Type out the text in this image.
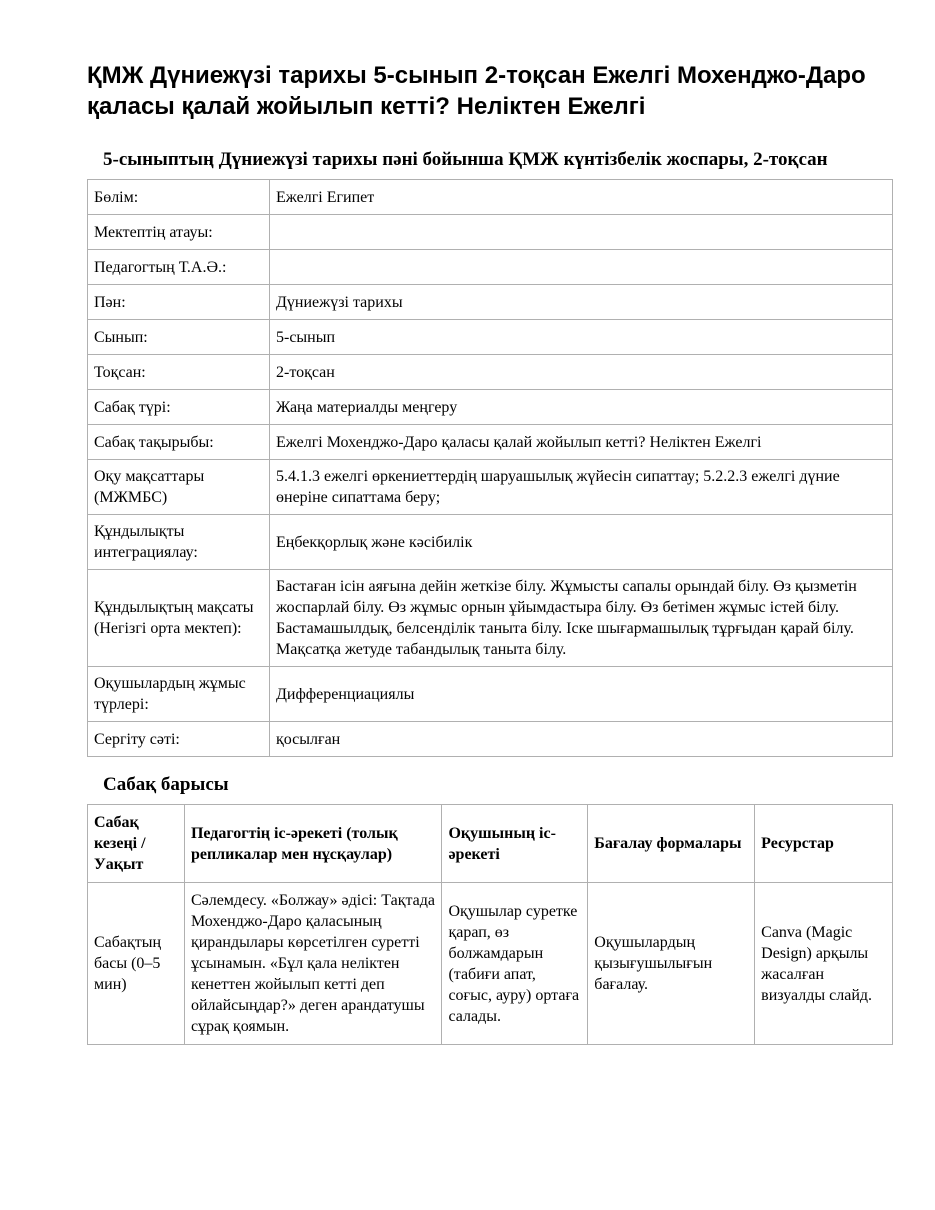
ҚМЖ Дүниежүзі тарихы 5-сынып 2-тоқсан Ежелгі Мохенджо-Даро қаласы қалай жойылып кетті? Неліктен Ежелгі
5-сыныптың Дүниежүзі тарихы пәні бойынша ҚМЖ күнтізбелік жоспары, 2-тоқсан
Бөлім:	Ежелгі Египет
Мектептің атауы:	
Педагогтың Т.А.Ә.:	
Пән:	Дүниежүзі тарихы
Сынып:	5-сынып
Тоқсан:	2-тоқсан
Сабақ түрі:	Жаңа материалды меңгеру
Сабақ тақырыбы:	Ежелгі Мохенджо-Даро қаласы қалай жойылып кетті? Неліктен Ежелгі
Оқу мақсаттары (МЖМБС)	5.4.1.3 ежелгі өркениеттердің шаруашылық жүйесін сипаттау; 5.2.2.3 ежелгі дүние өнеріне сипаттама беру;
Құндылықты интеграциялау:	Еңбекқорлық және кәсібилік
Құндылықтың мақсаты (Негізгі орта мектеп):	Бастаған ісін аяғына дейін жеткізе білу. Жұмысты сапалы орындай білу. Өз қызметін жоспарлай білу. Өз жұмыс орнын ұйымдастыра білу. Өз бетімен жұмыс істей білу. Бастамашылдық, белсенділік таныта білу. Іске шығармашылық тұрғыдан қарай білу. Мақсатқа жетуде табандылық таныта білу.
Оқушылардың жұмыс түрлері:	Дифференциациялы
Сергіту сәті:	қосылған
Сабақ барысы
Сабақ кезеңі / Уақыт	Педагогтің іс-әрекеті (толық репликалар мен нұсқаулар)	Оқушының іс-әрекеті	Бағалау формалары	Ресурстар
Сабақтың басы (0–5 мин)	Сәлемдесу. «Болжау» әдісі: Тақтада Мохенджо-Даро қаласының қирандылары көрсетілген суретті ұсынамын. «Бұл қала неліктен кенеттен жойылып кетті деп ойлайсыңдар?» деген арандатушы сұрақ қоямын.	Оқушылар суретке қарап, өз болжамдарын (табиғи апат, соғыс, ауру) ортаға салады.	Оқушылардың қызығушылығын бағалау.	Canva (Magic Design) арқылы жасалған визуалды слайд.
